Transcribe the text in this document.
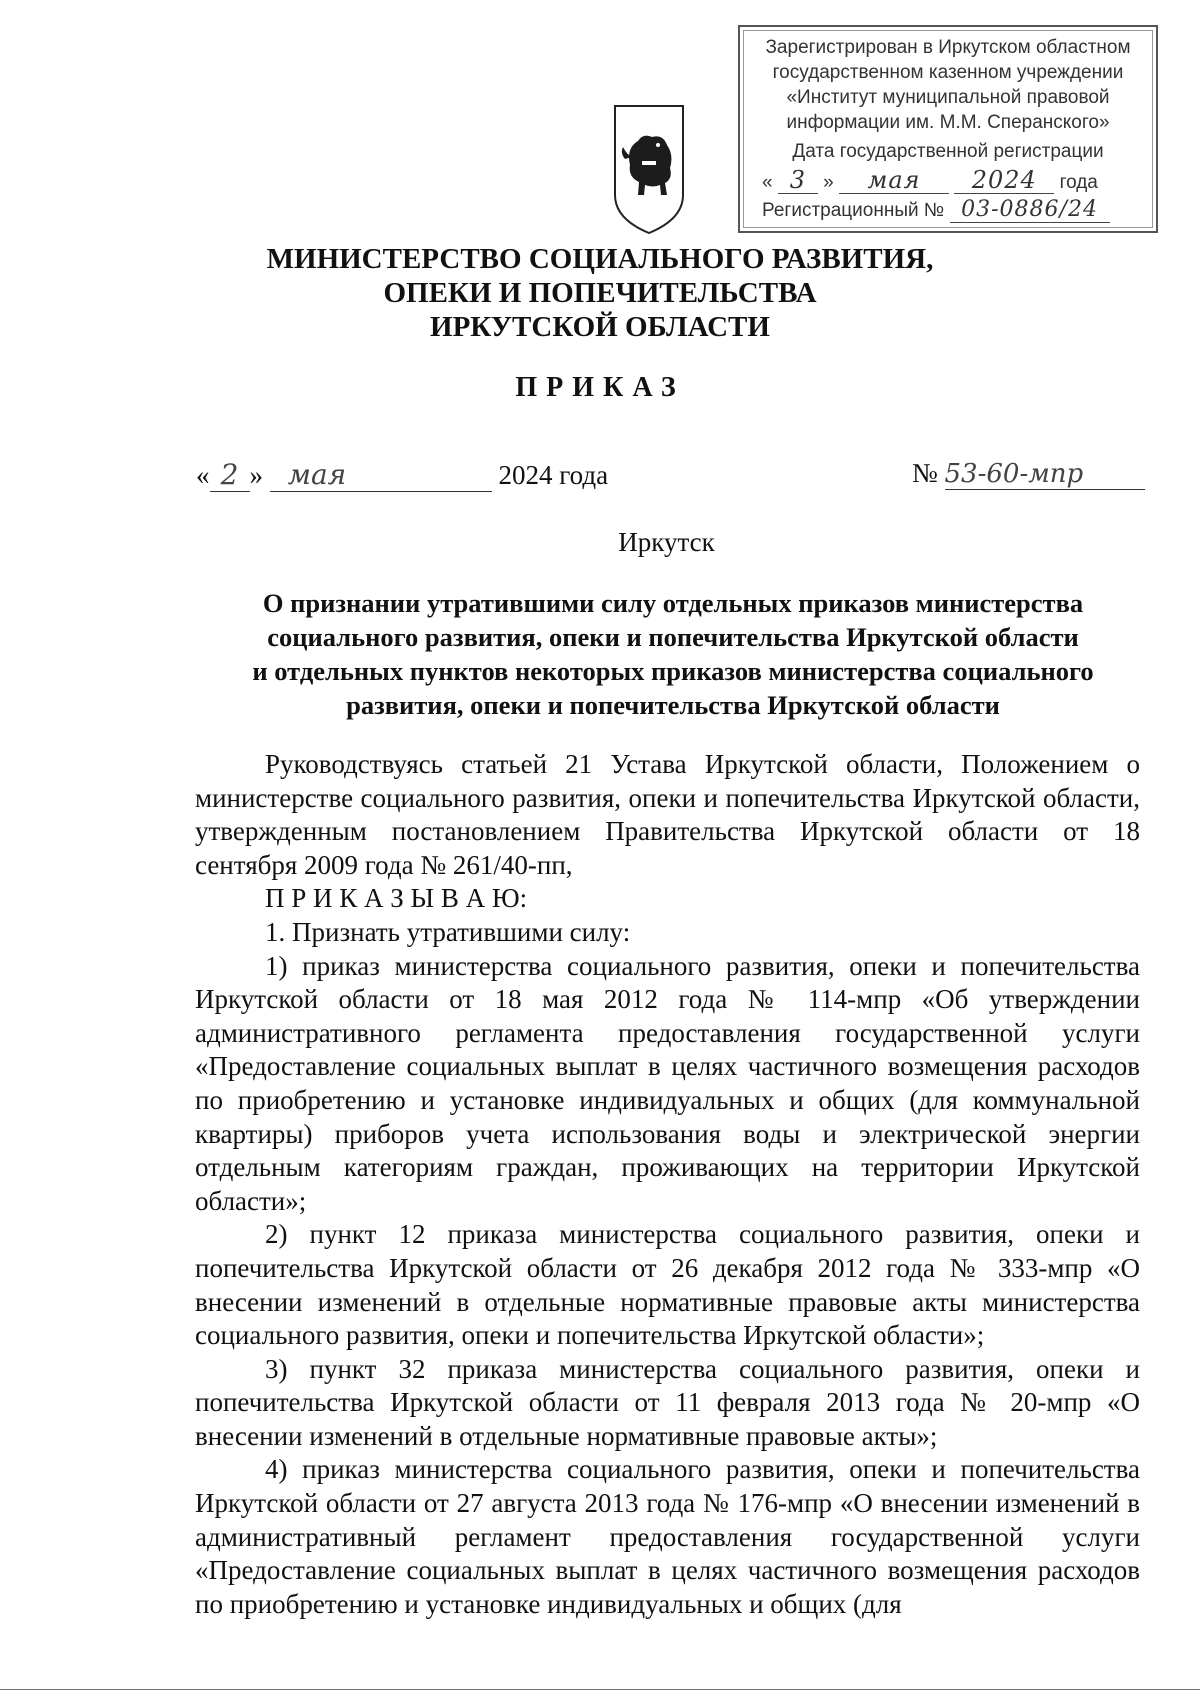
Зарегистрирован в Иркутском областном
государственном казенном учреждении
«Институт муниципальной правовой
информации им. М.М. Сперанского»
Дата государственной регистрации
« 3 » мая 2024 года
Регистрационный № 03-0886/24
МИНИСТЕРСТВО СОЦИАЛЬНОГО РАЗВИТИЯ,
ОПЕКИ И ПОПЕЧИТЕЛЬСТВА
ИРКУТСКОЙ ОБЛАСТИ
ПРИКАЗ
« 2 » мая	2024 года	№ 53-60-мпр
Иркутск
О признании утратившими силу отдельных приказов министерства
социального развития, опеки и попечительства Иркутской области
и отдельных пунктов некоторых приказов министерства социального
развития, опеки и попечительства Иркутской области

Руководствуясь статьей 21 Устава Иркутской области, Положением о министерстве социального развития, опеки и попечительства Иркутской области, утвержденным постановлением Правительства Иркутской области от 18 сентября 2009 года № 261/40-пп,

П Р И К А З Ы В А Ю:

1. Признать утратившими силу:

1) приказ министерства социального развития, опеки и попечительства Иркутской области от 18 мая 2012 года № 114-мпр «Об утверждении административного регламента предоставления государственной услуги «Предоставление социальных выплат в целях частичного возмещения расходов по приобретению и установке индивидуальных и общих (для коммунальной квартиры) приборов учета использования воды и электрической энергии отдельным категориям граждан, проживающих на территории Иркутской области»;

2) пункт 12 приказа министерства социального развития, опеки и попечительства Иркутской области от 26 декабря 2012 года № 333-мпр «О внесении изменений в отдельные нормативные правовые акты министерства социального развития, опеки и попечительства Иркутской области»;

3) пункт 32 приказа министерства социального развития, опеки и попечительства Иркутской области от 11 февраля 2013 года № 20-мпр «О внесении изменений в отдельные нормативные правовые акты»;

4) приказ министерства социального развития, опеки и попечительства Иркутской области от 27 августа 2013 года № 176-мпр «О внесении изменений в административный регламент предоставления государственной услуги «Предоставление социальных выплат в целях частичного возмещения расходов по приобретению и установке индивидуальных и общих (для
